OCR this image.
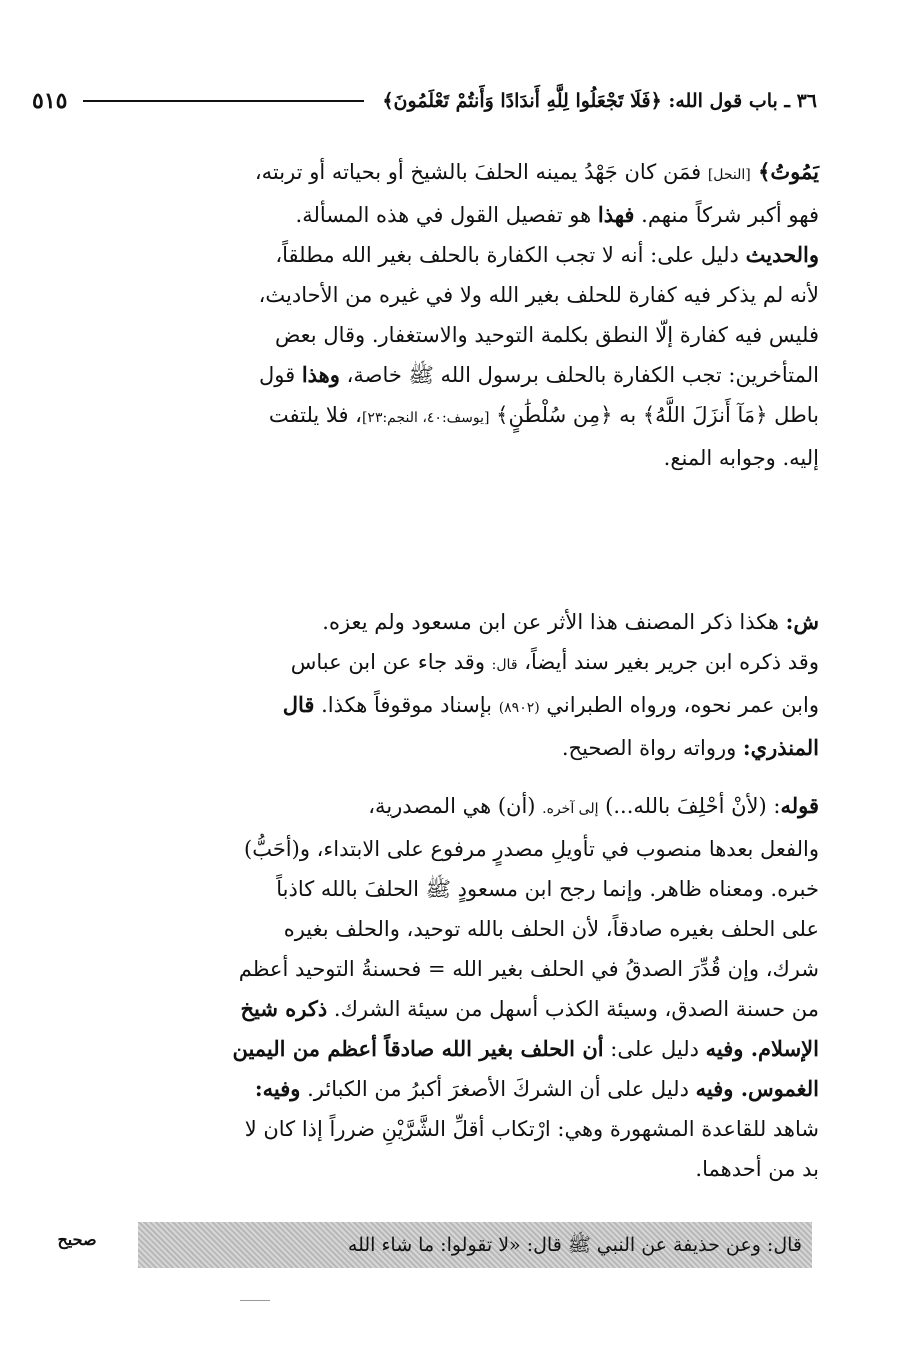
٣٦ ـ باب قول الله: ﴿فَلَا تَجْعَلُوا لِلَّهِ أَندَادًا وَأَنتُمْ تَعْلَمُونَ﴾
٥١٥

يَمُوتُ﴾ [النحل] فمَن كان جَهْدُ يمينه الحلفَ بالشيخ أو بحياته أو تربته،

فهو أكبر شركاً منهم. فهذا هو تفصيل القول في هذه المسألة.

والحديث دليل على: أنه لا تجب الكفارة بالحلف بغير الله مطلقاً،

لأنه لم يذكر فيه كفارة للحلف بغير الله ولا في غيره من الأحاديث،

فليس فيه كفارة إلّا النطق بكلمة التوحيد والاستغفار. وقال بعض

المتأخرين: تجب الكفارة بالحلف برسول الله ﷺ خاصة، وهذا قول

باطل ﴿مَآ أَنزَلَ اللَّهُ﴾ به ﴿مِن سُلْطَٰنٍ﴾ [يوسف:٤٠، النجم:٢٣]، فلا يلتفت

إليه. وجوابه المنع.

ش: هكذا ذكر المصنف هذا الأثر عن ابن مسعود ولم يعزه.

وقد ذكره ابن جرير بغير سند أيضاً، قال: وقد جاء عن ابن عباس

وابن عمر نحوه، ورواه الطبراني (٨٩٠٢) بإسناد موقوفاً هكذا. قال

المنذري: ورواته رواة الصحيح.

قوله: (لأنْ أحْلِفَ بالله...) إلى آخره. (أن) هي المصدرية،

والفعل بعدها منصوب في تأويلِ مصدرٍ مرفوع على الابتداء، و(أحَبُّ)

خبره. ومعناه ظاهر. وإنما رجح ابن مسعودٍ ﷺ الحلفَ بالله كاذباً

على الحلف بغيره صادقاً، لأن الحلف بالله توحيد، والحلف بغيره

شرك، وإن قُدِّرَ الصدقُ في الحلف بغير الله = فحسنةُ التوحيد أعظم

من حسنة الصدق، وسيئة الكذب أسهل من سيئة الشرك. ذكره شيخ

الإسلام. وفيه دليل على: أن الحلف بغير الله صادقاً أعظم من اليمين

الغموس. وفيه دليل على أن الشركَ الأصغرَ أكبرُ من الكبائر. وفيه:

شاهد للقاعدة المشهورة وهي: ارْتكاب أقلِّ الشَّرَّيْنِ ضرراً إذا كان لا

بد من أحدهما.

قال: وعن حذيفة عن النبي ﷺ قال: «لا تقولوا: ما شاء الله
صحيح
